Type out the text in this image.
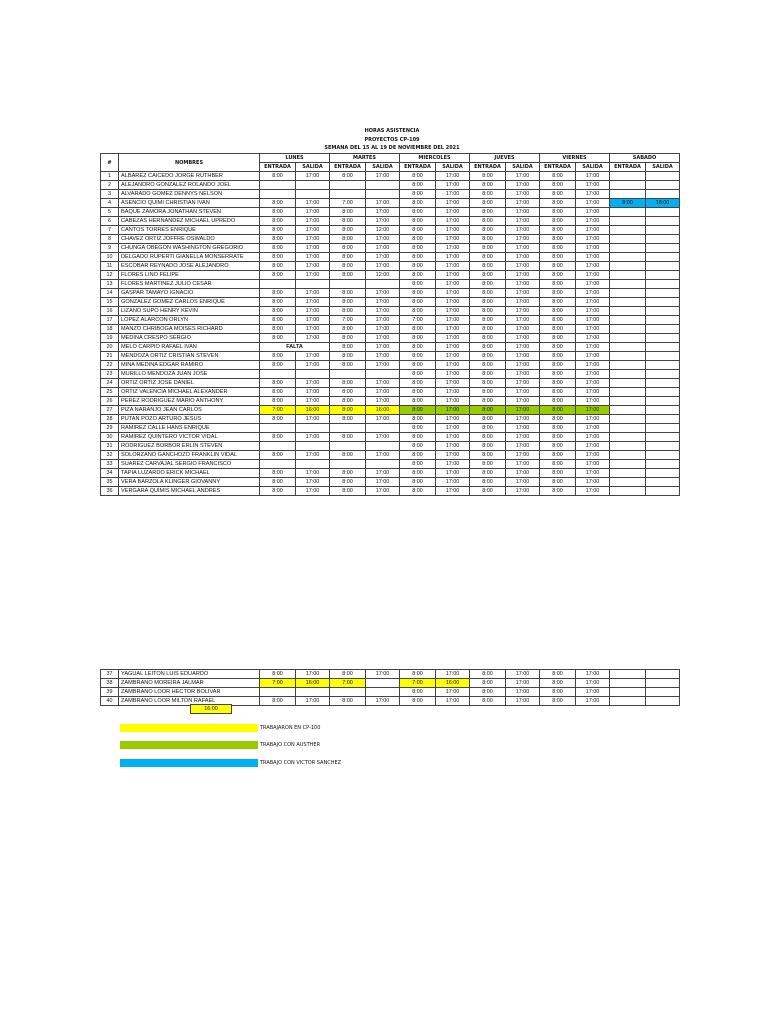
HORAS ASISTENCIA
PROYECTOS CP-109
SEMANA DEL 15 AL 19 DE NOVIEMBRE DEL 2021
#	NOMBRES	LUNES		MARTES		MIERCOLES		JUEVES		VIERNES		SABADO	
		ENTRADA	SALIDA	ENTRADA	SALIDA	ENTRADA	SALIDA	ENTRADA	SALIDA	ENTRADA	SALIDA	ENTRADA	SALIDA
1	ALBAREZ CAICEDO JORGE RUTHBER	8:00	17:00	8:00	17:00	8:00	17:00	8:00	17:00	8:00	17:00		
2	ALEJANDRO GONZALEZ ROLANDO JOEL					8:00	17:00	8:00	17:00	8:00	17:00		
3	ALVARADO GOMEZ DENNYS NELSON					8:00	17:00	8:00	17:00	8:00	17:00		
4	ASENCIO QUIMI CHRISTIAN IVAN	8:00	17:00	7:00	17:00	8:00	17:00	8:00	17:00	8:00	17:00	8:00	18:00
5	BAQUE ZAMORA JONATHAN STEVEN	8:00	17:00	8:00	17:00	8:00	17:00	8:00	17:00	8:00	17:00		
6	CABEZAS HERNANDEZ MICHAEL UPREDO	8:00	17:00	8:00	17:00	8:00	17:00	8:00	17:00	8:00	17:00		
7	CANTOS TORRES ENRIQUE	8:00	17:00	8:00	12:00	8:00	17:00	8:00	17:00	8:00	17:00		
8	CHAVEZ ORTIZ JOFFRE OSWALDO	8:00	17:00	8:00	17:00	8:00	17:00	8:00	17:00	8:00	17:00		
9	CHUNGA OBEGON WASHINGTON GREGORIO	8:00	17:00	8:00	17:00	8:00	17:00	8:00	17:00	8:00	17:00		
10	DELGADO RUPERTI GIANELLA MONSERRATE	8:00	17:00	8:00	17:00	8:00	17:00	8:00	17:00	8:00	17:00		
11	ESCOBAR REYNADO JOSE ALEJANDRO	8:00	17:00	8:00	17:00	8:00	17:00	8:00	17:00	8:00	17:00		
12	FLORES LINO FELIPE	8:00	17:00	8:00	12:00	8:00	17:00	8:00	17:00	8:00	17:00		
13	FLORES MARTINEZ JULIO CESAR					8:00	17:00	8:00	17:00	8:00	17:00		
14	GASPAR TAMAYO IGNACIO	8:00	17:00	8:00	17:00	8:00	17:00	8:00	17:00	8:00	17:00		
15	GONZALEZ GOMEZ CARLOS ENRIQUE	8:00	17:00	8:00	17:00	8:00	17:00	8:00	17:00	8:00	17:00		
16	LIZANO SUPO HENRY KEVIN	8:00	17:00	8:00	17:00	8:00	17:00	8:00	17:00	8:00	17:00		
17	LOPEZ ALARCON ORLYN	8:00	17:00	7:00	17:00	7:00	17:00	8:00	17:00	8:00	17:00		
18	MANZO CHRIBOGA MOISES RICHARD	8:00	17:00	8:00	17:00	8:00	17:00	8:00	17:00	8:00	17:00		
19	MEDINA CRESPO SERGIO	8:00	17:00	8:00	17:00	8:00	17:00	8:00	17:00	8:00	17:00		
20	MELO CARPIO RAFAEL IVAN	FALTA		8:00	17:00	8:00	17:00	8:00	17:00	8:00	17:00		
21	MENDOZA ORTIZ CRISTIAN STEVEN	8:00	17:00	8:00	17:00	8:00	17:00	8:00	17:00	8:00	17:00		
22	MINA MEDINA EDGAR RAMIRO	8:00	17:00	8:00	17:00	8:00	17:00	8:00	17:00	8:00	17:00		
23	MURILLO MENDOZA JUAN JOSE					8:00	17:00	8:00	17:00	8:00	17:00		
24	ORTIZ ORTIZ JOSE DANIEL	8:00	17:00	8:00	17:00	8:00	17:00	8:00	17:00	8:00	17:00		
25	ORTIZ VALENCIA MICHAEL ALEXANDER	8:00	17:00	8:00	17:00	8:00	17:00	8:00	17:00	8:00	17:00		
26	PEREZ RODRIGUEZ MARIO ANTHONY	8:00	17:00	8:00	17:00	8:00	17:00	8:00	17:00	8:00	17:00		
27	PIZA NARANJO JEAN CARLOS	7:00	16:00	8:00	16:00	8:00	17:00	8:00	17:00	8:00	17:00		
28	PUTAN POZO ARTURO JESUS	8:00	17:00	8:00	17:00	8:00	17:00	8:00	17:00	8:00	17:00		
29	RAMIREZ CALLE HANS ENRIQUE					8:00	17:00	8:00	17:00	8:00	17:00		
30	RAMIREZ QUINTERO VICTOR VIDAL	8:00	17:00	8:00	17:00	8:00	17:00	8:00	17:00	8:00	17:00		
31	RODRIGUEZ BORBOR ERLIN STEVEN					8:00	17:00	8:00	17:00	8:00	17:00		
32	SOLORZANO GANCHOZO FRANKLIN VIDAL	8:00	17:00	8:00	17:00	8:00	17:00	8:00	17:00	8:00	17:00		
33	SUAREZ CARVAJAL SERGIO FRANCISCO					8:00	17:00	8:00	17:00	8:00	17:00		
34	TAPIA LUZARDO ERICK MICHAEL	8:00	17:00	8:00	17:00	8:00	17:00	8:00	17:00	8:00	17:00		
35	VERA BARZOLA KLINGER GIOVANNY	8:00	17:00	8:00	17:00	8:00	17:00	8:00	17:00	8:00	17:00		
36	VERGARA QUIMIS MICHAEL ANDRES	8:00	17:00	8:00	17:00	8:00	17:00	8:00	17:00	8:00	17:00		
37	YAGUAL LEITON LUIS EDUARDO	8:00	17:00	8:00	17:00	8:00	17:00	8:00	17:00	8:00	17:00		
38	ZAMBRANO MOREIRA JALMAR	7:00	16:00	7:00		7:00	16:00	8:00	17:00	8:00	17:00		
39	ZAMBRANO LOOR HECTOR BOLIVAR					8:00	17:00	8:00	17:00	8:00	17:00		
40	ZAMBRANO LOOR MILTON RAFAEL	8:00	17:00	8:00	17:00	8:00	17:00	8:00	17:00	8:00	17:00		
16:00
TRABAJARON EN CP-100
TRABAJO CON AUSTHER
TRABAJO CON VICTOR SANCHEZ
